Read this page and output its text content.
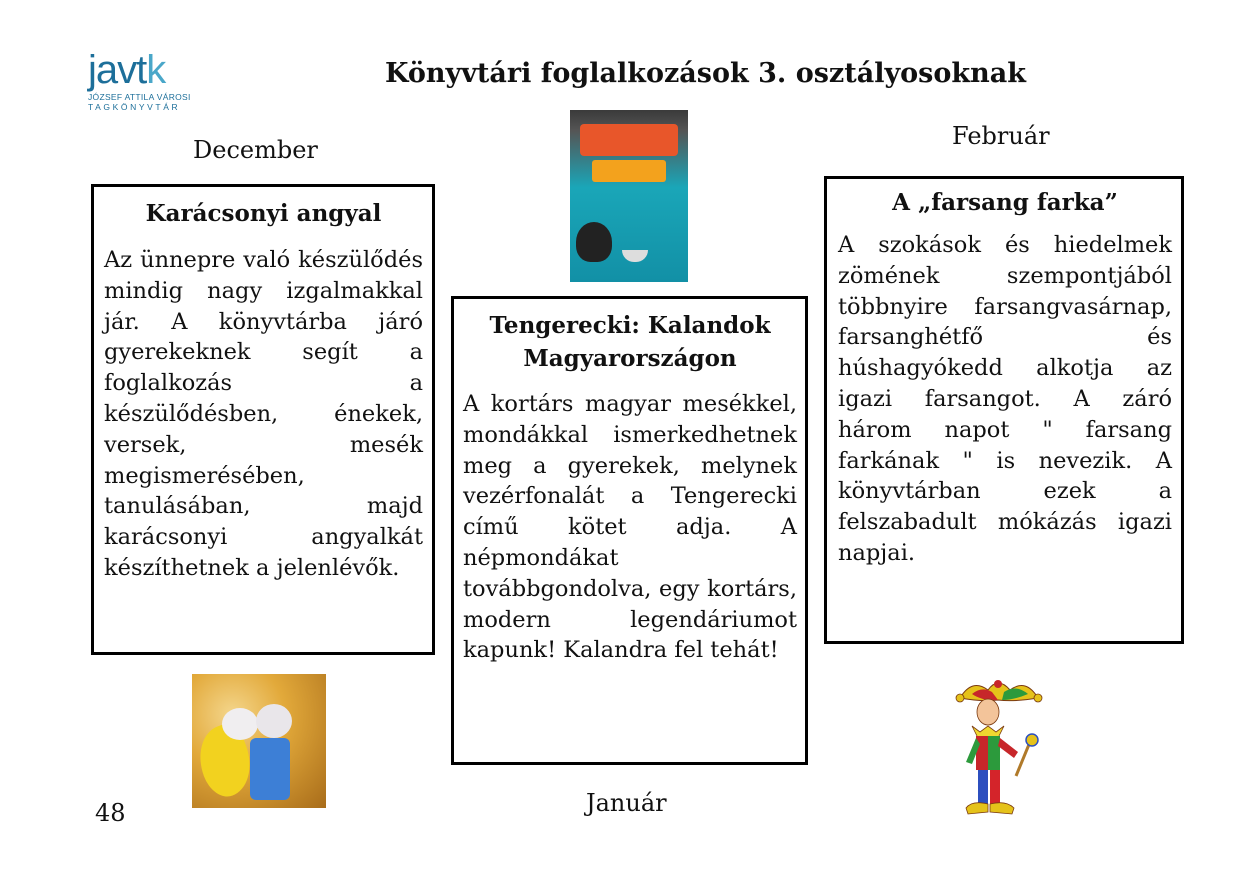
javtk
JÓZSEF ATTILA VÁROSI
TAGKÖNYVTÁR
Könyvtári foglalkozások 3. osztályosoknak
December	Február
Január
Karácsonyi angyal

Az ünnepre való készülődés mindig nagy izgalmakkal jár. A könyvtárba járó gyerekeknek segít a foglalkozás a készülődésben, énekek, versek, mesék megismerésében, tanulásában, majd karácsonyi angyalkát készíthetnek a jelenlévők.

Tengerecki: Kalandok Magyarországon

A kortárs magyar mesékkel, mondákkal ismerkedhetnek meg a gyerekek, melynek vezérfonalát a Tengerecki című kötet adja. A népmondákat továbbgondolva, egy kortárs, modern legendáriumot kapunk! Kalandra fel tehát!

A „farsang farka”

A szokások és hiedelmek zömének szempontjából többnyire farsangvasárnap, farsanghétfő és húshagyókedd alkotja az igazi farsangot. A záró három napot " farsang farkának " is nevezik. A könyvtárban ezek a felszabadult mókázás igazi napjai.

48
